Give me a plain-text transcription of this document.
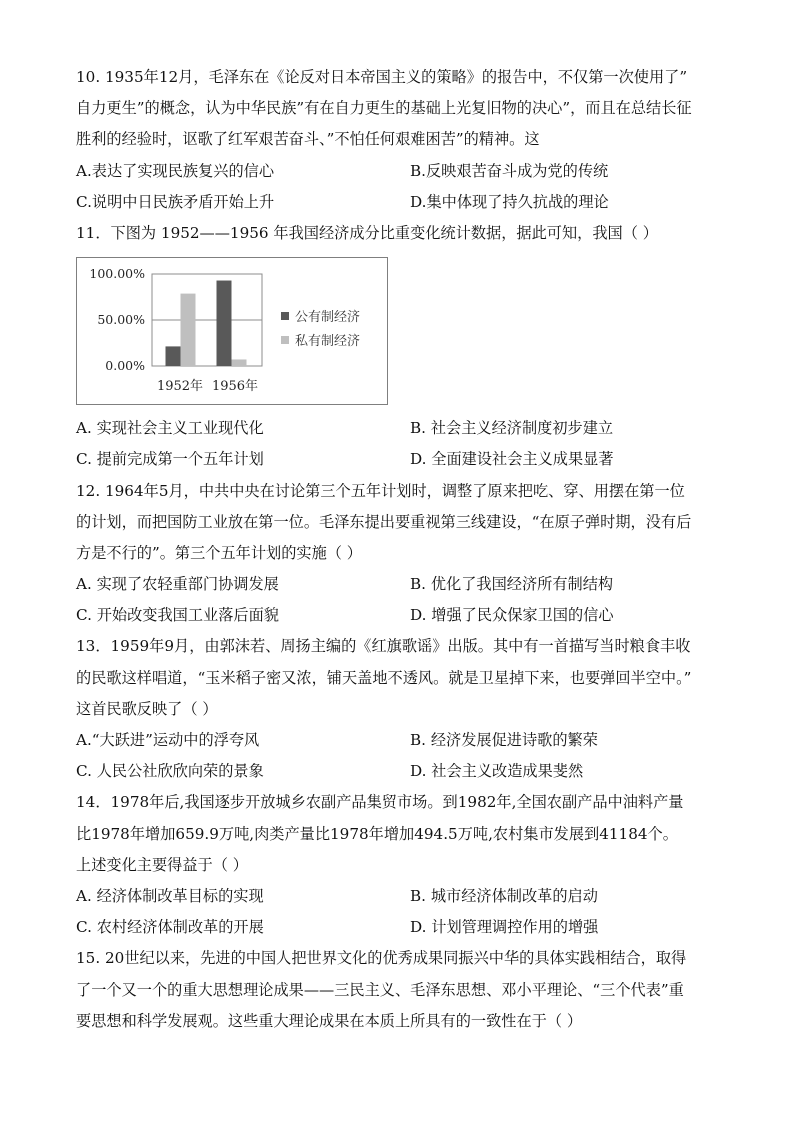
10. 1935年12月，毛泽东在《论反对日本帝国主义的策略》的报告中，不仅第一次使用了”
自力更生”的概念，认为中华民族”有在自力更生的基础上光复旧物的决心”，而且在总结长征
胜利的经验时，讴歌了红军艰苦奋斗、”不怕任何艰难困苦”的精神。这
A.表达了实现民族复兴的信心	B.反映艰苦奋斗成为党的传统
C.说明中日民族矛盾开始上升	D.集中体现了持久抗战的理论
11．下图为 1952——1956 年我国经济成分比重变化统计数据，据此可知，我国（ ）
100.00%
50.00%
0.00%
1952年 1956年
公有制经济
私有制经济
A. 实现社会主义工业现代化	B. 社会主义经济制度初步建立
C. 提前完成第一个五年计划	D. 全面建设社会主义成果显著
12. 1964年5月，中共中央在讨论第三个五年计划时，调整了原来把吃、穿、用摆在第一位
的计划，而把国防工业放在第一位。毛泽东提出要重视第三线建设，“在原子弹时期，没有后
方是不行的”。第三个五年计划的实施（ ）
A. 实现了农轻重部门协调发展	B. 优化了我国经济所有制结构
C. 开始改变我国工业落后面貌	D. 增强了民众保家卫国的信心
13．1959年9月，由郭沫若、周扬主编的《红旗歌谣》出版。其中有一首描写当时粮食丰收
的民歌这样唱道，“玉米稻子密又浓，铺天盖地不透风。就是卫星掉下来，也要弹回半空中。”
这首民歌反映了（ ）
A.“大跃进”运动中的浮夸风	B. 经济发展促进诗歌的繁荣
C. 人民公社欣欣向荣的景象	D. 社会主义改造成果斐然
14．1978年后,我国逐步开放城乡农副产品集贸市场。到1982年,全国农副产品中油料产量
比1978年增加659.9万吨,肉类产量比1978年增加494.5万吨,农村集市发展到41184个。
上述变化主要得益于（ ）
A. 经济体制改革目标的实现	B. 城市经济体制改革的启动
C. 农村经济体制改革的开展	D. 计划管理调控作用的增强
15. 20世纪以来，先进的中国人把世界文化的优秀成果同振兴中华的具体实践相结合，取得
了一个又一个的重大思想理论成果——三民主义、毛泽东思想、邓小平理论、“三个代表”重
要思想和科学发展观。这些重大理论成果在本质上所具有的一致性在于（ ）
